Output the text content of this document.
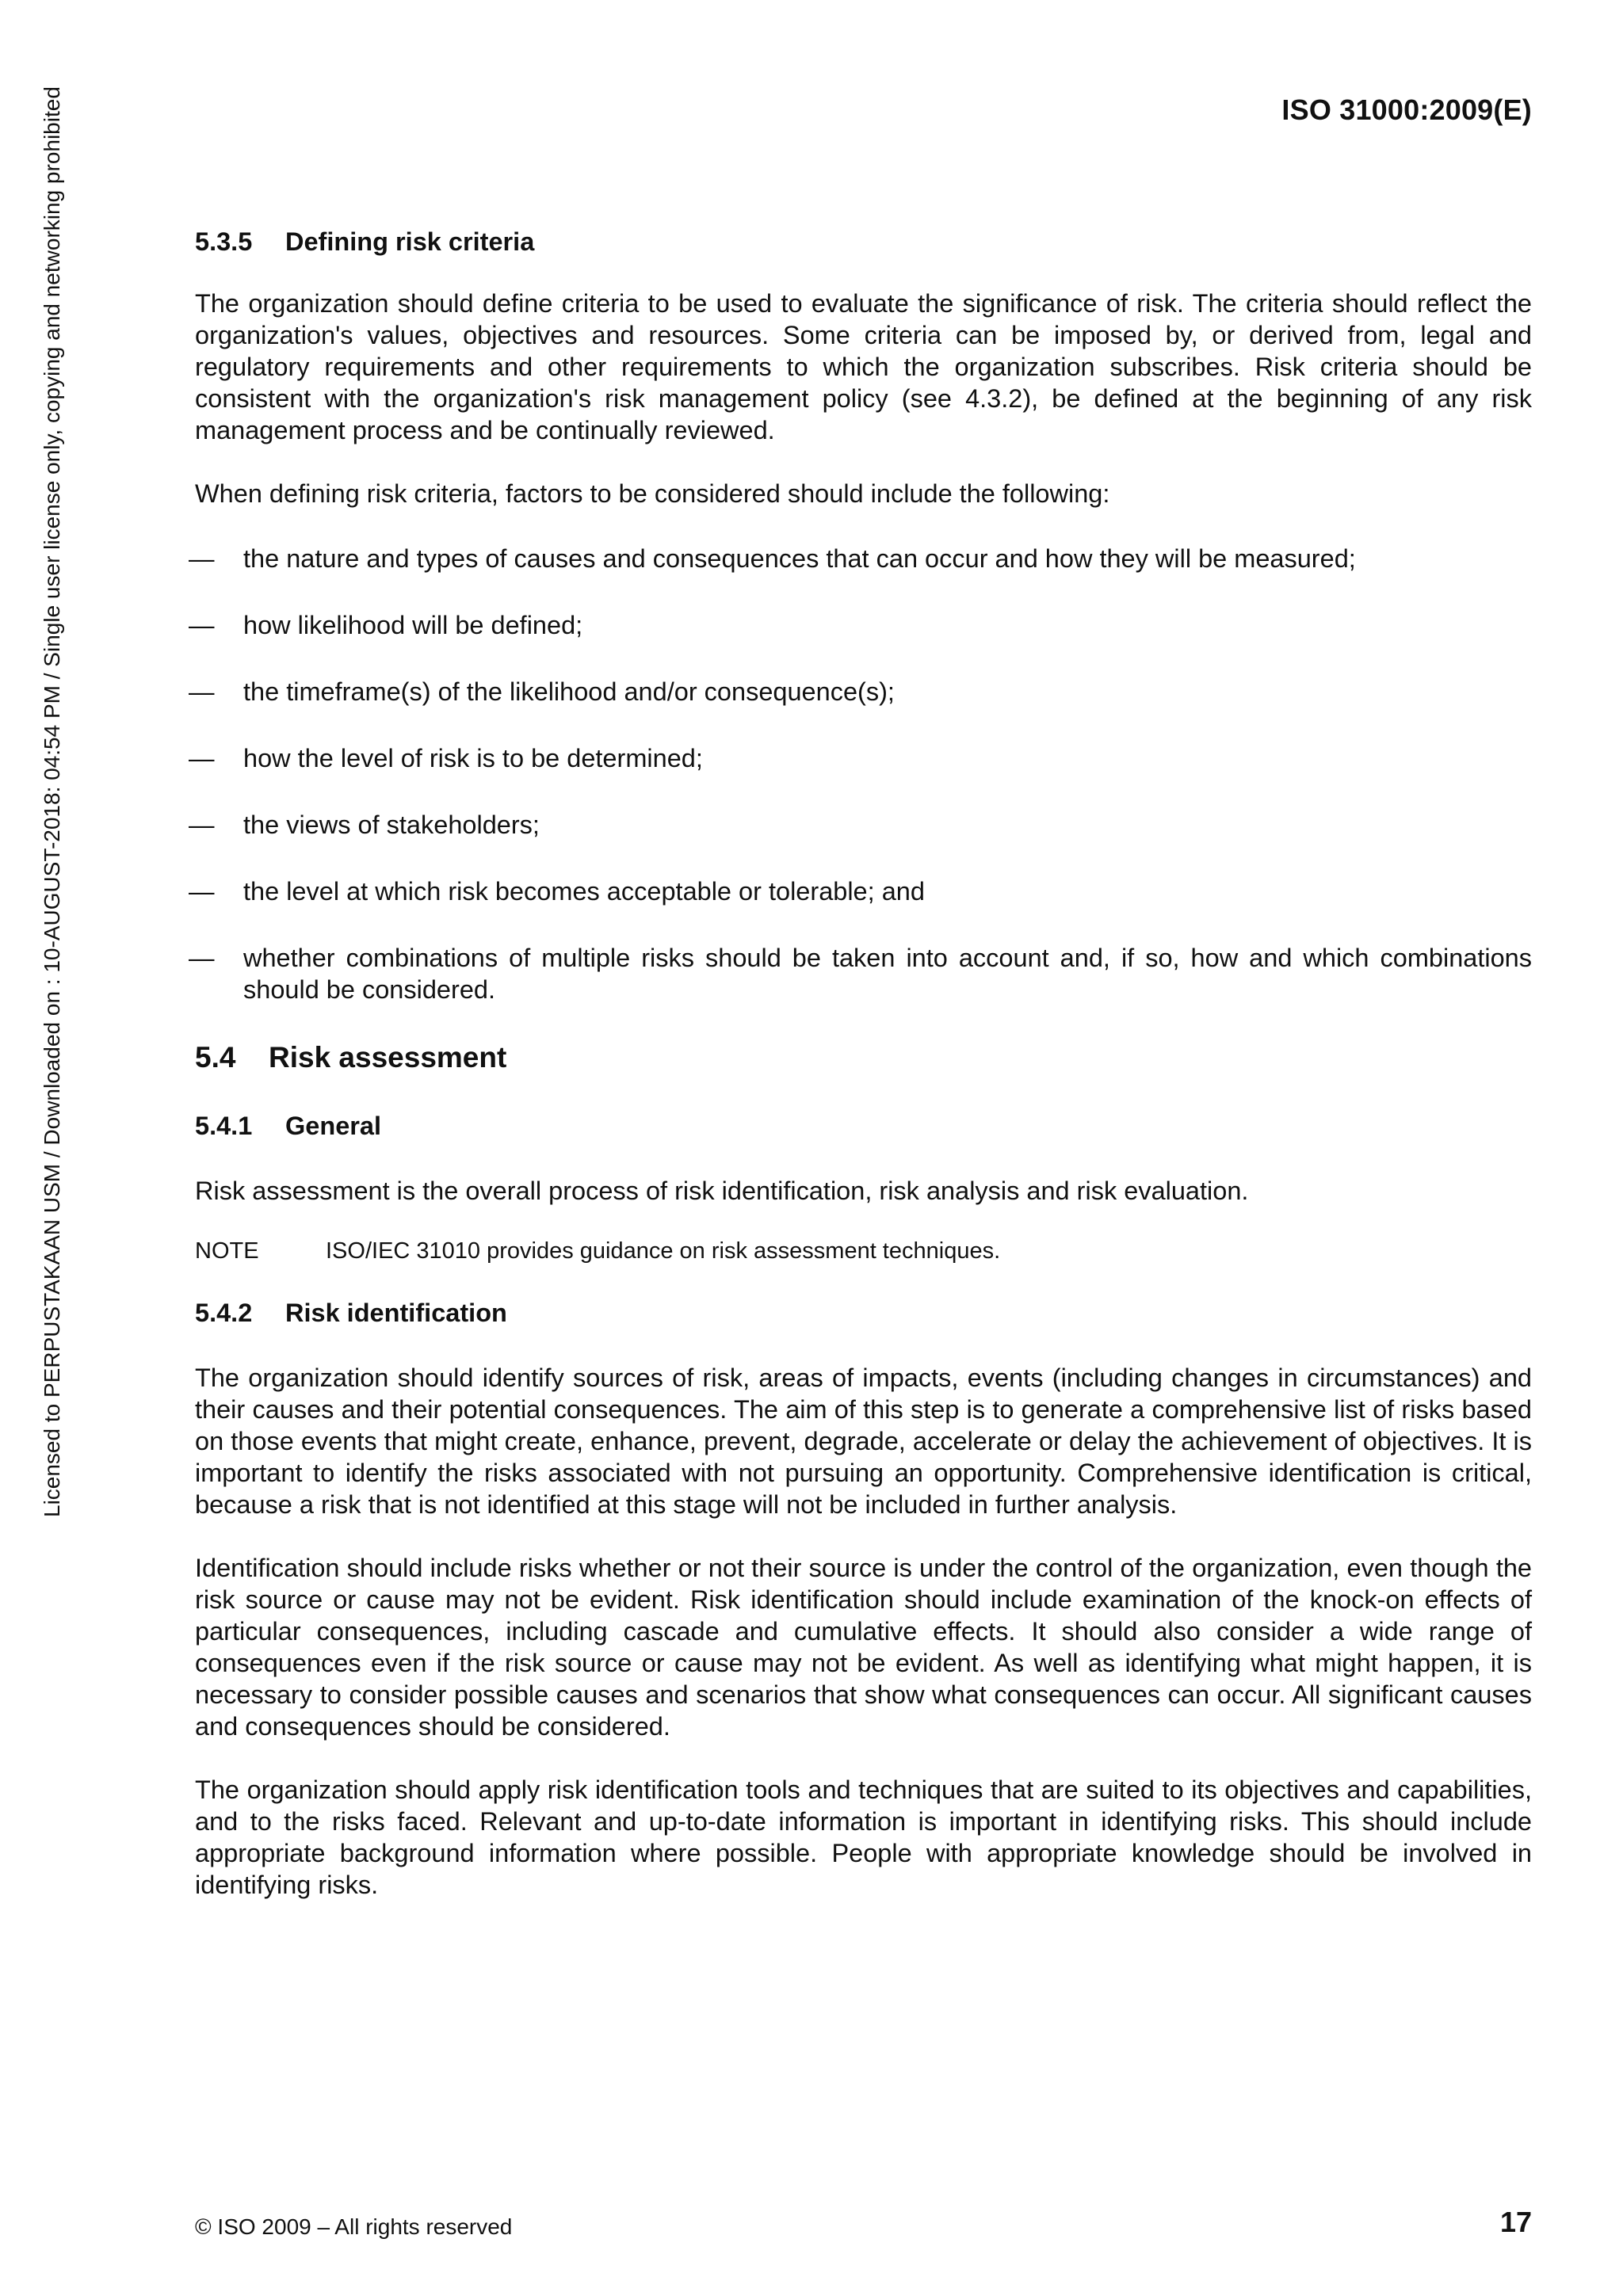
ISO 31000:2009(E)
Licensed to PERPUSTAKAAN USM / Downloaded on : 10-AUGUST-2018: 04:54 PM / Single user license only, copying and networking prohibited	5.3.5	Defining risk criteria

The organization should define criteria to be used to evaluate the significance of risk. The criteria should reflect the organization's values, objectives and resources. Some criteria can be imposed by, or derived from, legal and regulatory requirements and other requirements to which the organization subscribes. Risk criteria should be consistent with the organization's risk management policy (see 4.3.2), be defined at the beginning of any risk management process and be continually reviewed.

When defining risk criteria, factors to be considered should include the following:

—	the nature and types of causes and consequences that can occur and how they will be measured;
—	how likelihood will be defined;
—	the timeframe(s) of the likelihood and/or consequence(s);
—	how the level of risk is to be determined;
—	the views of stakeholders;
—	the level at which risk becomes acceptable or tolerable; and
—	whether combinations of multiple risks should be taken into account and, if so, how and which combinations should be considered.
5.4	Risk assessment
5.4.1	General

Risk assessment is the overall process of risk identification, risk analysis and risk evaluation.

NOTE	ISO/IEC 31010 provides guidance on risk assessment techniques.
5.4.2	Risk identification

The organization should identify sources of risk, areas of impacts, events (including changes in circumstances) and their causes and their potential consequences. The aim of this step is to generate a comprehensive list of risks based on those events that might create, enhance, prevent, degrade, accelerate or delay the achievement of objectives. It is important to identify the risks associated with not pursuing an opportunity. Comprehensive identification is critical, because a risk that is not identified at this stage will not be included in further analysis.

Identification should include risks whether or not their source is under the control of the organization, even though the risk source or cause may not be evident. Risk identification should include examination of the knock-on effects of particular consequences, including cascade and cumulative effects. It should also consider a wide range of consequences even if the risk source or cause may not be evident. As well as identifying what might happen, it is necessary to consider possible causes and scenarios that show what consequences can occur. All significant causes and consequences should be considered.

The organization should apply risk identification tools and techniques that are suited to its objectives and capabilities, and to the risks faced. Relevant and up-to-date information is important in identifying risks. This should include appropriate background information where possible. People with appropriate knowledge should be involved in identifying risks.

© ISO 2009 – All rights reserved	17
